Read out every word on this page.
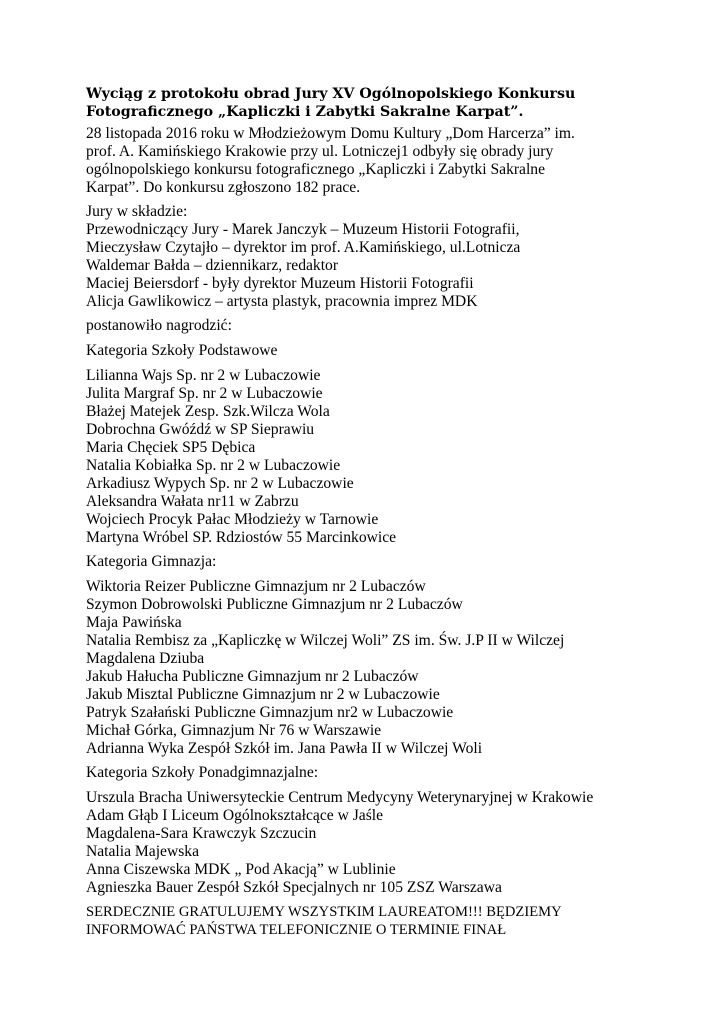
Wyciąg z protokołu obrad Jury XV Ogólnopolskiego Konkursu
Fotograficznego „Kapliczki i Zabytki Sakralne Karpat”.
28 listopada 2016 roku w Młodzieżowym Domu Kultury „Dom Harcerza” im.
prof. A. Kamińskiego Krakowie przy ul. Lotniczej1 odbyły się obrady jury
ogólnopolskiego konkursu fotograficznego „Kapliczki i Zabytki Sakralne
Karpat”. Do konkursu zgłoszono 182 prace.
Jury w składzie:
Przewodniczący Jury - Marek Janczyk – Muzeum Historii Fotografii,
Mieczysław Czytajło – dyrektor im prof. A.Kamińskiego, ul.Lotnicza
Waldemar Bałda – dziennikarz, redaktor
Maciej Beiersdorf - były dyrektor Muzeum Historii Fotografii
Alicja Gawlikowicz – artysta plastyk, pracownia imprez MDK
postanowiło nagrodzić:
Kategoria Szkoły Podstawowe
Lilianna Wajs Sp. nr 2 w Lubaczowie
Julita Margraf Sp. nr 2 w Lubaczowie
Błażej Matejek Zesp. Szk.Wilcza Wola
Dobrochna Gwóźdź w SP Sieprawiu
Maria Chęciek SP5 Dębica
Natalia Kobiałka Sp. nr 2 w Lubaczowie
Arkadiusz Wypych Sp. nr 2 w Lubaczowie
Aleksandra Wałata nr11 w Zabrzu
Wojciech Procyk Pałac Młodzieży w Tarnowie
Martyna Wróbel SP. Rdziostów 55 Marcinkowice
Kategoria Gimnazja:
Wiktoria Reizer Publiczne Gimnazjum nr 2 Lubaczów
Szymon Dobrowolski Publiczne Gimnazjum nr 2 Lubaczów
Maja Pawińska
Natalia Rembisz za „Kapliczkę w Wilczej Woli” ZS im. Św. J.P II w Wilczej
Magdalena Dziuba
Jakub Hałucha Publiczne Gimnazjum nr 2 Lubaczów
Jakub Misztal Publiczne Gimnazjum nr 2 w Lubaczowie
Patryk Szałański Publiczne Gimnazjum nr2 w Lubaczowie
Michał Górka, Gimnazjum Nr 76 w Warszawie
Adrianna Wyka Zespół Szkół im. Jana Pawła II w Wilczej Woli
Kategoria Szkoły Ponadgimnazjalne:
Urszula Bracha Uniwersyteckie Centrum Medycyny Weterynaryjnej w Krakowie
Adam Głąb I Liceum Ogólnokształcące w Jaśle
Magdalena-Sara Krawczyk Szczucin
Natalia Majewska
Anna Ciszewska MDK „ Pod Akacją” w Lublinie
Agnieszka Bauer Zespół Szkół Specjalnych nr 105 ZSZ Warszawa
SERDECZNIE GRATULUJEMY WSZYSTKIM LAUREATOM!!! BĘDZIEMY
INFORMOWAĆ PAŃSTWA TELEFONICZNIE O TERMINIE FINAŁ
